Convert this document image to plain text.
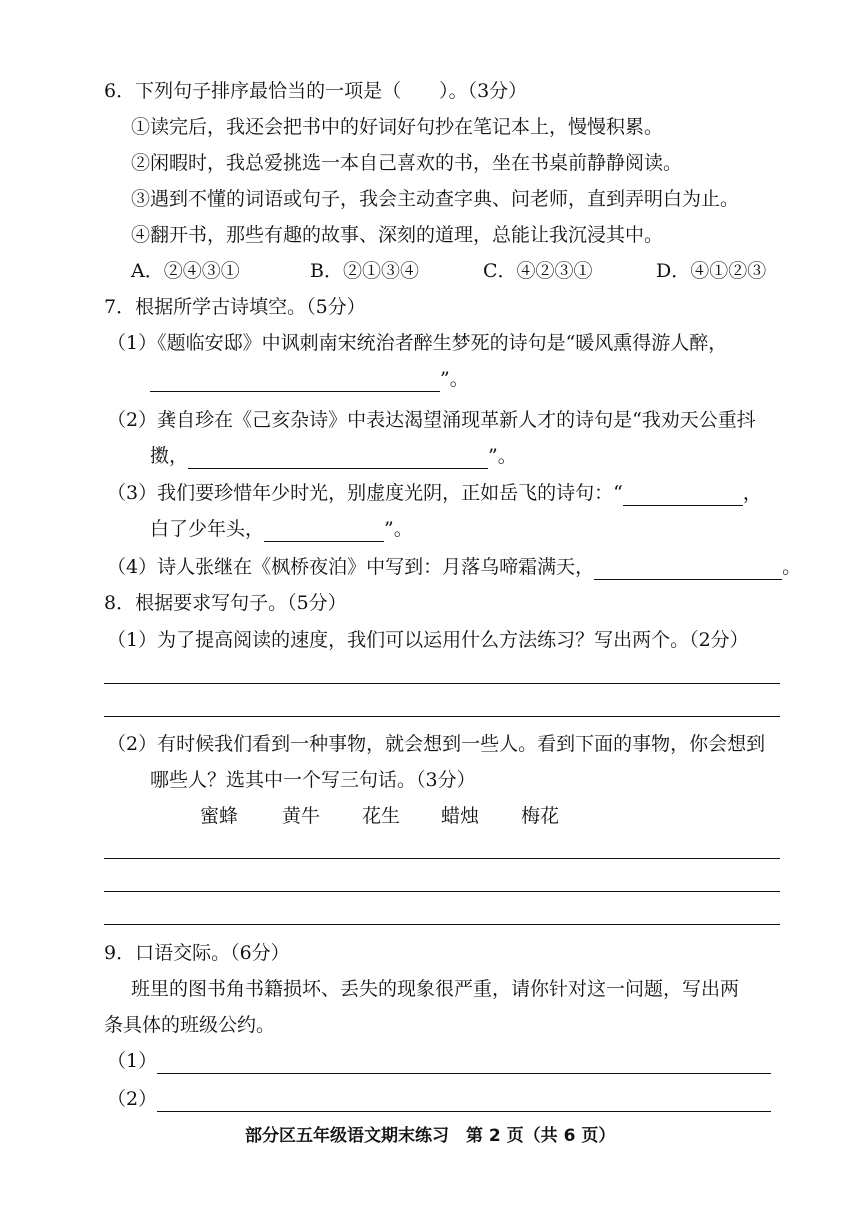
6．下列句子排序最恰当的一项是（　　）。（3分）
①读完后，我还会把书中的好词好句抄在笔记本上，慢慢积累。
②闲暇时，我总爱挑选一本自己喜欢的书，坐在书桌前静静阅读。
③遇到不懂的词语或句子，我会主动查字典、问老师，直到弄明白为止。
④翻开书，那些有趣的故事、深刻的道理，总能让我沉浸其中。
A．②④③①	B．②①③④	C．④②③①	D．④①②③
7．根据所学古诗填空。（5分）
（1）《题临安邸》中讽刺南宋统治者醉生梦死的诗句是“暖风熏得游人醉，
”。
（2）龚自珍在《己亥杂诗》中表达渴望涌现革新人才的诗句是“我劝天公重抖
擞，	”。
（3）我们要珍惜年少时光，别虚度光阴，正如岳飞的诗句：“	，
白了少年头，	”。
（4）诗人张继在《枫桥夜泊》中写到：月落乌啼霜满天，	。
8．根据要求写句子。（5分）
（1）为了提高阅读的速度，我们可以运用什么方法练习？写出两个。（2分）
（2）有时候我们看到一种事物，就会想到一些人。看到下面的事物，你会想到
哪些人？选其中一个写三句话。（3分）
蜜蜂 黄牛 花生 蜡烛 梅花
9．口语交际。（6分）
班里的图书角书籍损坏、丢失的现象很严重，请你针对这一问题，写出两
条具体的班级公约。
（1）
（2）
部分区五年级语文期末练习　第 2 页（共 6 页）
